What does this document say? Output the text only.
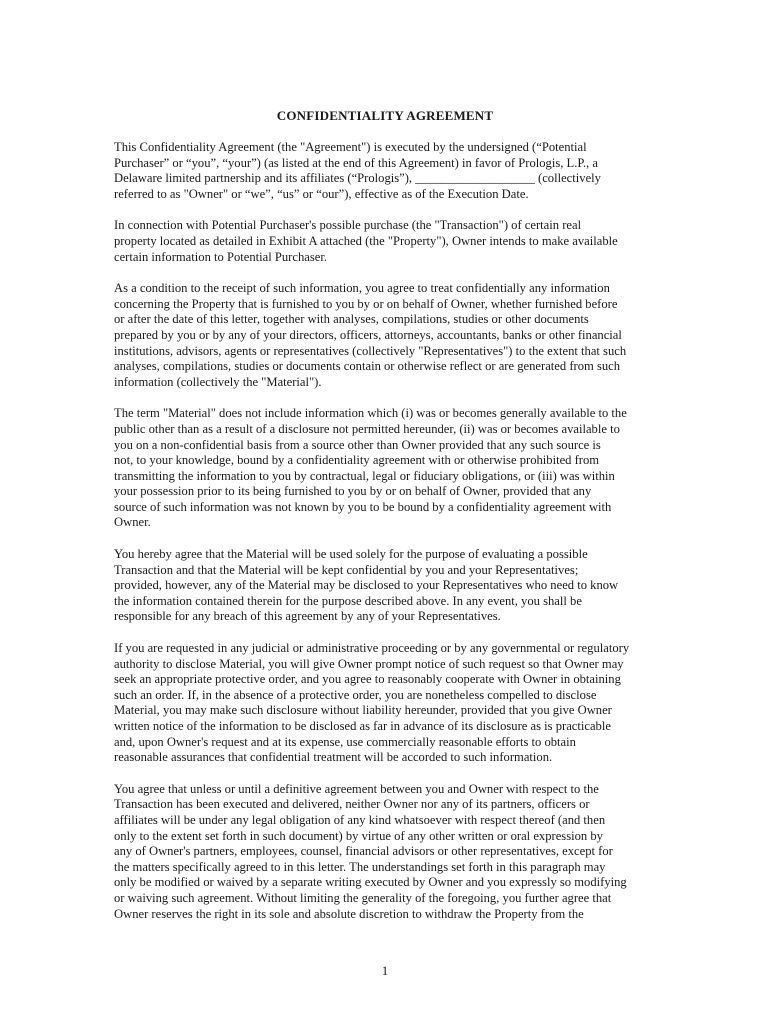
CONFIDENTIALITY AGREEMENT

This Confidentiality Agreement (the "Agreement") is executed by the undersigned (“Potential
Purchaser” or “you”, “your”) (as listed at the end of this Agreement) in favor of Prologis, L.P., a
Delaware limited partnership and its affiliates (“Prologis”), ___________________ (collectively
referred to as "Owner" or “we”, “us” or “our”), effective as of the Execution Date.

In connection with Potential Purchaser's possible purchase (the "Transaction") of certain real
property located as detailed in Exhibit A attached (the "Property"), Owner intends to make available
certain information to Potential Purchaser.

As a condition to the receipt of such information, you agree to treat confidentially any information
concerning the Property that is furnished to you by or on behalf of Owner, whether furnished before
or after the date of this letter, together with analyses, compilations, studies or other documents
prepared by you or by any of your directors, officers, attorneys, accountants, banks or other financial
institutions, advisors, agents or representatives (collectively "Representatives") to the extent that such
analyses, compilations, studies or documents contain or otherwise reflect or are generated from such
information (collectively the "Material").

The term "Material" does not include information which (i) was or becomes generally available to the
public other than as a result of a disclosure not permitted hereunder, (ii) was or becomes available to
you on a non-confidential basis from a source other than Owner provided that any such source is
not, to your knowledge, bound by a confidentiality agreement with or otherwise prohibited from
transmitting the information to you by contractual, legal or fiduciary obligations, or (iii) was within
your possession prior to its being furnished to you by or on behalf of Owner, provided that any
source of such information was not known by you to be bound by a confidentiality agreement with
Owner.

You hereby agree that the Material will be used solely for the purpose of evaluating a possible
Transaction and that the Material will be kept confidential by you and your Representatives;
provided, however, any of the Material may be disclosed to your Representatives who need to know
the information contained therein for the purpose described above. In any event, you shall be
responsible for any breach of this agreement by any of your Representatives.

If you are requested in any judicial or administrative proceeding or by any governmental or regulatory
authority to disclose Material, you will give Owner prompt notice of such request so that Owner may
seek an appropriate protective order, and you agree to reasonably cooperate with Owner in obtaining
such an order. If, in the absence of a protective order, you are nonetheless compelled to disclose
Material, you may make such disclosure without liability hereunder, provided that you give Owner
written notice of the information to be disclosed as far in advance of its disclosure as is practicable
and, upon Owner's request and at its expense, use commercially reasonable efforts to obtain
reasonable assurances that confidential treatment will be accorded to such information.

You agree that unless or until a definitive agreement between you and Owner with respect to the
Transaction has been executed and delivered, neither Owner nor any of its partners, officers or
affiliates will be under any legal obligation of any kind whatsoever with respect thereof (and then
only to the extent set forth in such document) by virtue of any other written or oral expression by
any of Owner's partners, employees, counsel, financial advisors or other representatives, except for
the matters specifically agreed to in this letter. The understandings set forth in this paragraph may
only be modified or waived by a separate writing executed by Owner and you expressly so modifying
or waiving such agreement. Without limiting the generality of the foregoing, you further agree that
Owner reserves the right in its sole and absolute discretion to withdraw the Property from the

1
